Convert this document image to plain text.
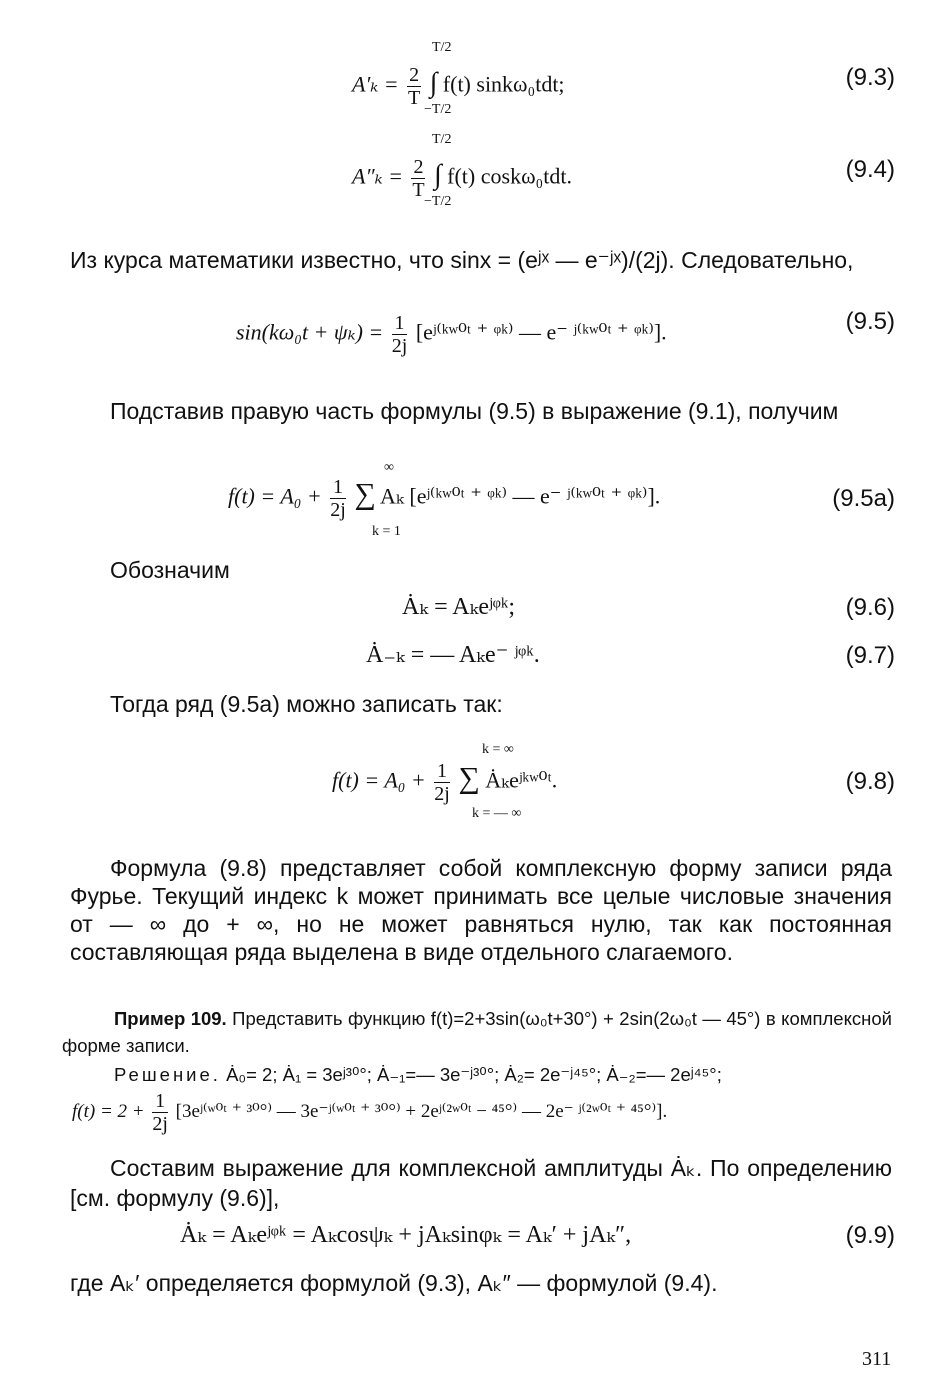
T/2
$A'_k = \frac{2}{T}$ ∫ f(t) sinkω₀tdt;
−T/2
(9.3)
T/2
$A''_k = \frac{2}{T}$ ∫ f(t) coskω₀tdt.
−T/2
(9.4)
Из курса математики известно, что sinx = (eʲˣ — e⁻ʲˣ)/(2j). Следовательно,
$\sin(k\omega_0t + \psi_k) = \frac{1}{2j}$ [eʲ⁽ᵏʷ⁰ᵗ ⁺ ᵠᵏ⁾ — e⁻ ʲ⁽ᵏʷ⁰ᵗ ⁺ ᵠᵏ⁾].	(9.5)
Подставив правую часть формулы (9.5) в выражение (9.1), получим
∞
$f(t) = A_0 + \frac{1}{2j}$ ∑ Aₖ [eʲ⁽ᵏʷ⁰ᵗ ⁺ ᵠᵏ⁾ — e⁻ ʲ⁽ᵏʷ⁰ᵗ ⁺ ᵠᵏ⁾].
k = 1
(9.5a)
Обозначим
Ȧₖ = Aₖeʲᵠᵏ;	(9.6)
Ȧ₋ₖ = — Aₖe⁻ ʲᵠᵏ.	(9.7)
Тогда ряд (9.5а) можно записать так:
k = ∞
$f(t) = A_0 + \frac{1}{2j}$ ∑ Ȧₖeʲᵏʷ⁰ᵗ.
k = — ∞
(9.8)
Формула (9.8) представляет собой комплексную форму записи ряда Фурье. Текущий индекс k может принимать все целые числовые значения от — ∞ до + ∞, но не может равняться нулю, так как постоянная составляющая ряда выделена в виде отдельного слагаемого.
Пример 109. Представить функцию f(t)=2+3sin(ω₀t+30°) + 2sin(2ω₀t — 45°) в комплексной форме записи.
Решение. Ȧ₀= 2; Ȧ₁ = 3eʲ³⁰°; Ȧ₋₁=— 3e⁻ʲ³⁰°; Ȧ₂= 2e⁻ʲ⁴⁵°; Ȧ₋₂=— 2eʲ⁴⁵°;
$f(t) = 2 + \frac{1}{2j}$ [3eʲ⁽ʷ⁰ᵗ ⁺ ³⁰°⁾ — 3e⁻ʲ⁽ʷ⁰ᵗ ⁺ ³⁰°⁾ + 2eʲ⁽²ʷ⁰ᵗ − ⁴⁵°⁾ — 2e⁻ ʲ⁽²ʷ⁰ᵗ ⁺ ⁴⁵°⁾].
Составим выражение для комплексной амплитуды Ȧₖ. По определению [см. формулу (9.6)],
Ȧₖ = Aₖeʲᵠᵏ = Aₖcosψₖ + jAₖsinφₖ = Aₖ′ + jAₖ″,	(9.9)
где Aₖ′ определяется формулой (9.3), Aₖ″ — формулой (9.4).
311
